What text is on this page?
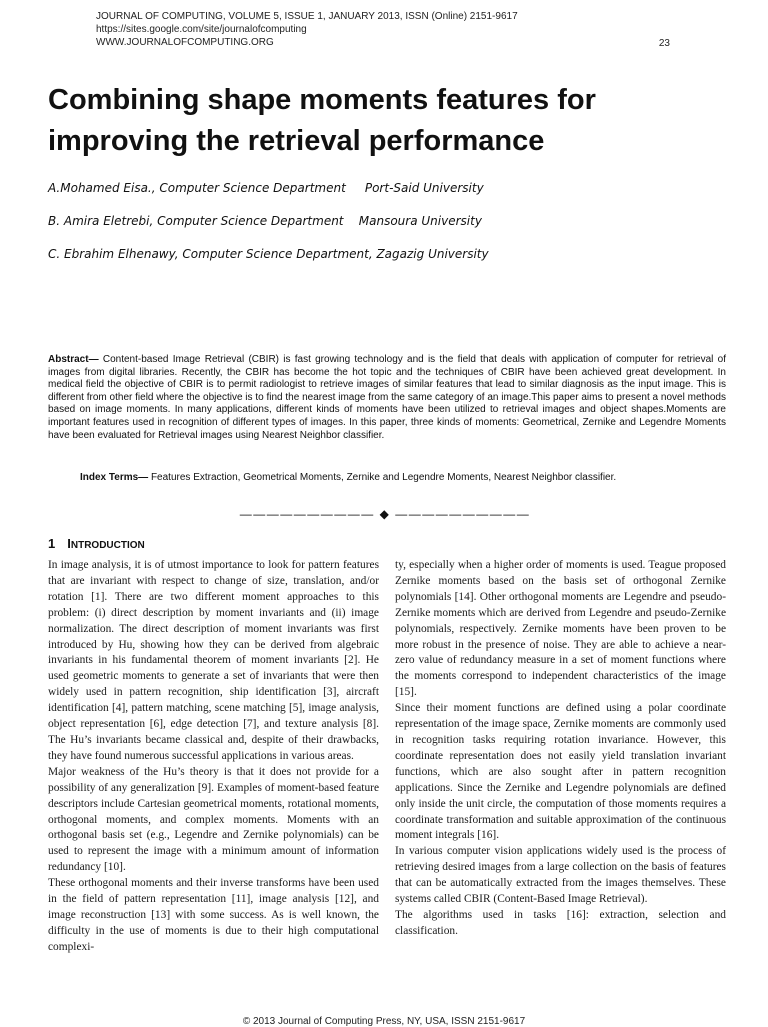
JOURNAL OF COMPUTING, VOLUME 5, ISSUE 1, JANUARY 2013, ISSN (Online) 2151-9617
https://sites.google.com/site/journalofcomputing
WWW.JOURNALOFCOMPUTING.ORG	23
Combining shape moments features for improving the retrieval performance
A.Mohamed Eisa., Computer Science Department     Port-Said University
B. Amira Eletrebi, Computer Science Department    Mansoura University
C. Ebrahim Elhenawy, Computer Science Department, Zagazig University

Abstract— Content-based Image Retrieval (CBIR) is fast growing technology and is the field that deals with application of computer for retrieval of images from digital libraries. Recently, the CBIR has become the hot topic and the techniques of CBIR have been achieved great development. In medical field the objective of CBIR is to permit radiologist to retrieve images of similar features that lead to similar diagnosis as the input image. This is different from other field where the objective is to find the nearest image from the same category of an image.This paper aims to present a novel methods based on image moments. In many applications, different kinds of moments have been utilized to retrieval images and object shapes.Moments are important features used in recognition of different types of images. In this paper, three kinds of moments: Geometrical, Zernike and Legendre Moments have been evaluated for Retrieval images using Nearest Neighbor classifier.

Index Terms— Features Extraction, Geometrical Moments, Zernike and Legendre Moments, Nearest Neighbor classifier.

—————————— ◆ ——————————
1 INTRODUCTION

In image analysis, it is of utmost importance to look for pattern features that are invariant with respect to change of size, translation, and/or rotation [1]. There are two different moment approaches to this problem: (i) direct description by moment invariants and (ii) image normalization. The direct description of moment invariants was first introduced by Hu, showing how they can be derived from algebraic invariants in his fundamental theorem of moment invariants [2]. He used geometric moments to generate a set of invariants that were then widely used in pattern recognition, ship identification [3], aircraft identification [4], pattern matching, scene matching [5], image analysis, object representation [6], edge detection [7], and texture analysis [8]. The Hu’s invariants became classical and, despite of their drawbacks, they have found numerous successful applications in various areas.

Major weakness of the Hu’s theory is that it does not provide for a possibility of any generalization [9]. Examples of moment-based feature descriptors include Cartesian geometrical moments, rotational moments, orthogonal moments, and complex moments. Moments with an orthogonal basis set (e.g., Legendre and Zernike polynomials) can be used to represent the image with a minimum amount of information redundancy [10].

These orthogonal moments and their inverse transforms have been used in the field of pattern representation [11], image analysis [12], and image reconstruction [13] with some success. As is well known, the difficulty in the use of moments is due to their high computational complexi-

ty, especially when a higher order of moments is used. Teague proposed Zernike moments based on the basis set of orthogonal Zernike polynomials [14]. Other orthogonal moments are Legendre and pseudo-Zernike moments which are derived from Legendre and pseudo-Zernike polynomials, respectively. Zernike moments have been proven to be more robust in the presence of noise. They are able to achieve a near-zero value of redundancy measure in a set of moment functions where the moments correspond to independent characteristics of the image [15].

Since their moment functions are defined using a polar coordinate representation of the image space, Zernike moments are commonly used in recognition tasks requiring rotation invariance. However, this coordinate representation does not easily yield translation invariant functions, which are also sought after in pattern recognition applications. Since the Zernike and Legendre polynomials are defined only inside the unit circle, the computation of those moments requires a coordinate transformation and suitable approximation of the continuous moment integrals [16].

In various computer vision applications widely used is the process of retrieving desired images from a large collection on the basis of features that can be automatically extracted from the images themselves. These systems called CBIR (Content-Based Image Retrieval).

The algorithms used in tasks [16]: extraction, selection and classification.

© 2013 Journal of Computing Press, NY, USA, ISSN 2151-9617
